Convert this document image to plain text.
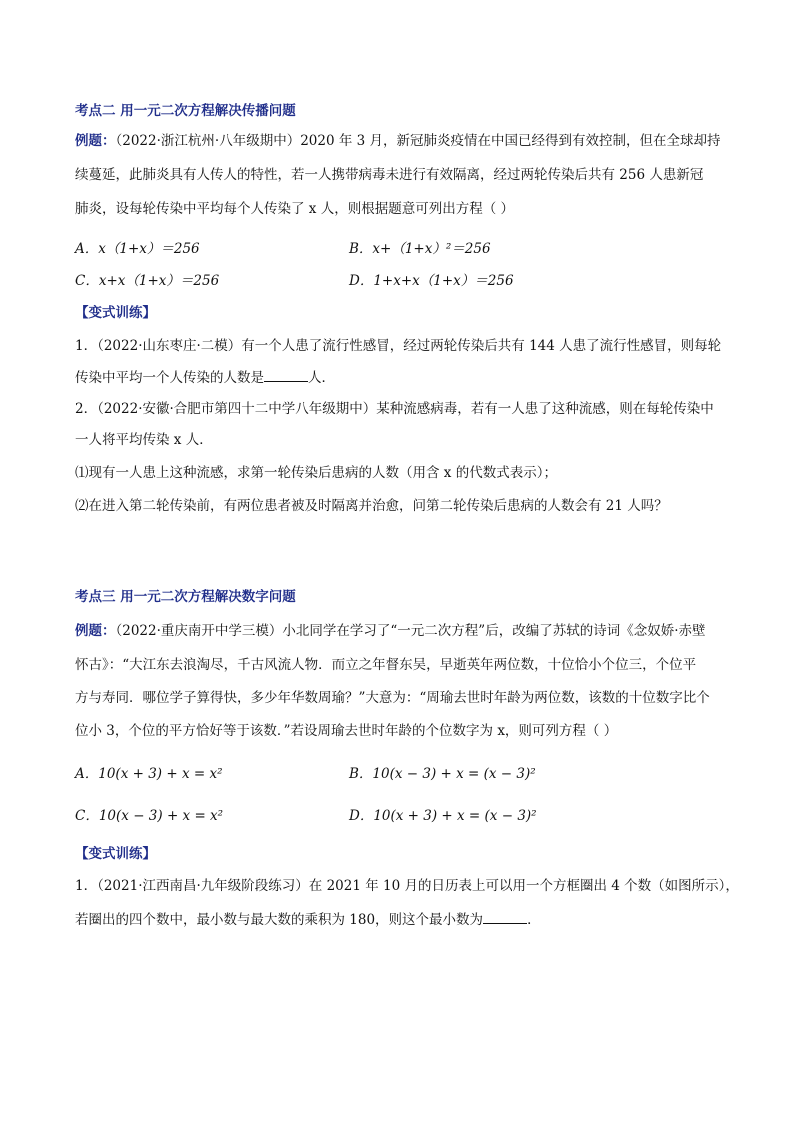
考点二 用一元二次方程解决传播问题
例题：（2022·浙江杭州·八年级期中）2020 年 3 月，新冠肺炎疫情在中国已经得到有效控制，但在全球却持
续蔓延，此肺炎具有人传人的特性，若一人携带病毒未进行有效隔离，经过两轮传染后共有 256 人患新冠
肺炎，设每轮传染中平均每个人传染了 x 人，则根据题意可列出方程（ ）
A．x（1+x）＝256	B．x+（1+x）²＝256
C．x+x（1+x）＝256	D．1+x+x（1+x）＝256
【变式训练】
1．（2022·山东枣庄·二模）有一个人患了流行性感冒，经过两轮传染后共有 144 人患了流行性感冒，则每轮
传染中平均一个人传染的人数是	人．
2．（2022·安徽·合肥市第四十二中学八年级期中）某种流感病毒，若有一人患了这种流感，则在每轮传染中
一人将平均传染 x 人．
⑴现有一人患上这种流感，求第一轮传染后患病的人数（用含 x 的代数式表示）；
⑵在进入第二轮传染前，有两位患者被及时隔离并治愈，问第二轮传染后患病的人数会有 21 人吗？
考点三 用一元二次方程解决数字问题
例题：（2022·重庆南开中学三模）小北同学在学习了“一元二次方程”后，改编了苏轼的诗词《念奴娇·赤壁
怀古》：“大江东去浪淘尽，千古风流人物．而立之年督东吴，早逝英年两位数，十位恰小个位三，个位平
方与寿同．哪位学子算得快，多少年华数周瑜？”大意为：“周瑜去世时年龄为两位数，该数的十位数字比个
位小 3，个位的平方恰好等于该数．”若设周瑜去世时年龄的个位数字为 x，则可列方程（ ）
A．10(x + 3) + x = x²	B．10(x − 3) + x = (x − 3)²
C．10(x − 3) + x = x²	D．10(x + 3) + x = (x − 3)²
【变式训练】
1．（2021·江西南昌·九年级阶段练习）在 2021 年 10 月的日历表上可以用一个方框圈出 4 个数（如图所示），
若圈出的四个数中，最小数与最大数的乘积为 180，则这个最小数为	．
